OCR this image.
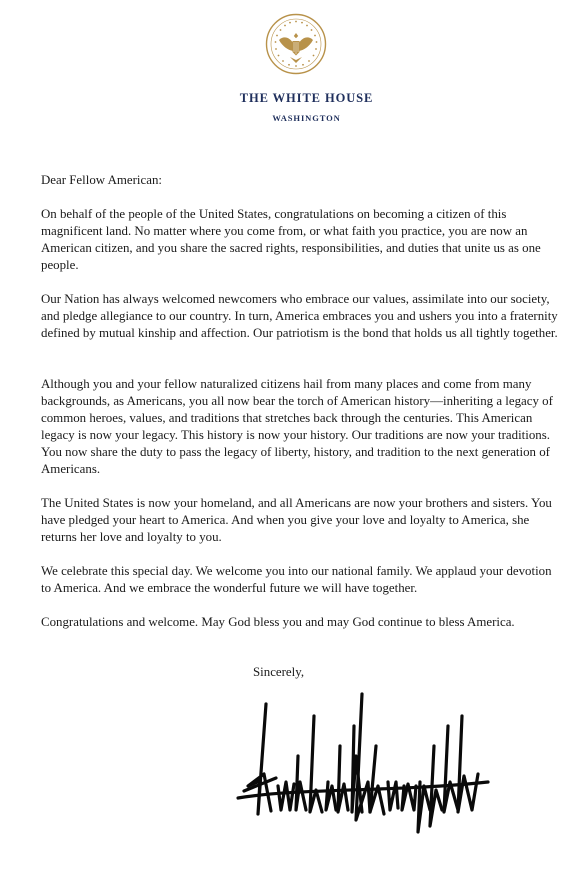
THE WHITE HOUSE
WASHINGTON
Dear Fellow American:
On behalf of the people of the United States, congratulations on becoming a citizen of this magnificent land. No matter where you come from, or what faith you practice, you are now an American citizen, and you share the sacred rights, responsibilities, and duties that unite us as one people.
Our Nation has always welcomed newcomers who embrace our values, assimilate into our society, and pledge allegiance to our country. In turn, America embraces you and ushers you into a fraternity defined by mutual kinship and affection. Our patriotism is the bond that holds us all tightly together.
Although you and your fellow naturalized citizens hail from many places and come from many backgrounds, as Americans, you all now bear the torch of American history—inheriting a legacy of common heroes, values, and traditions that stretches back through the centuries. This American legacy is now your legacy. This history is now your history. Our traditions are now your traditions. You now share the duty to pass the legacy of liberty, history, and tradition to the next generation of Americans.
The United States is now your homeland, and all Americans are now your brothers and sisters. You have pledged your heart to America. And when you give your love and loyalty to America, she returns her love and loyalty to you.
We celebrate this special day. We welcome you into our national family. We applaud your devotion to America. And we embrace the wonderful future we will have together.
Congratulations and welcome. May God bless you and may God continue to bless America.
Sincerely,
